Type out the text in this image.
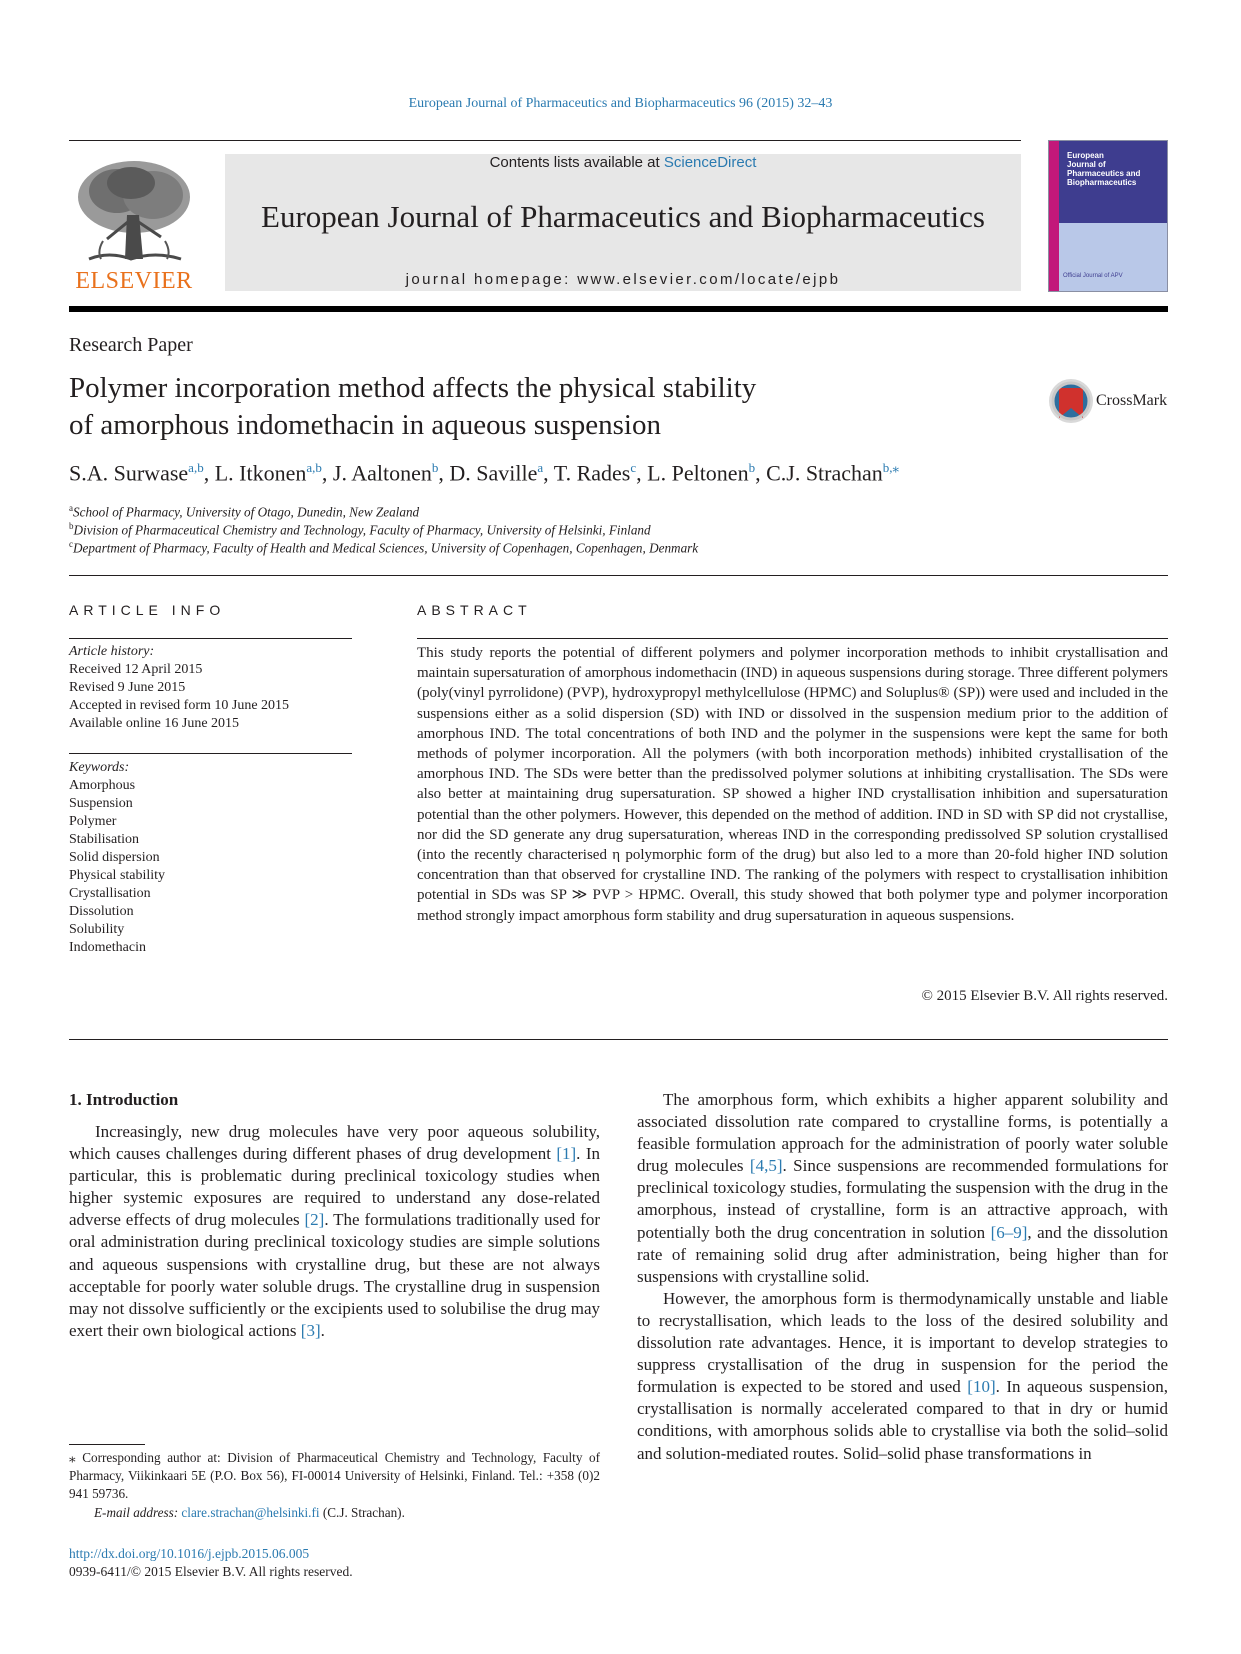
European Journal of Pharmaceutics and Biopharmaceutics 96 (2015) 32–43
ELSEVIER
Contents lists available at ScienceDirect
European Journal of Pharmaceutics and Biopharmaceutics
journal homepage: www.elsevier.com/locate/ejpb
European
Journal of
Pharmaceutics and
Biopharmaceutics
Official Journal of APV
Research Paper
Polymer incorporation method affects the physical stability
of amorphous indomethacin in aqueous suspension
CrossMark
S.A. Surwase$^{a,b}$, L. Itkonen$^{a,b}$, J. Aaltonen$^b$, D. Saville$^a$, T. Rades$^c$, L. Peltonen$^b$, C.J. Strachan$^{b,⁎}$
$^a$School of Pharmacy, University of Otago, Dunedin, New Zealand
$^b$Division of Pharmaceutical Chemistry and Technology, Faculty of Pharmacy, University of Helsinki, Finland
$^c$Department of Pharmacy, Faculty of Health and Medical Sciences, University of Copenhagen, Copenhagen, Denmark
ARTICLE INFO
Article history:
Received 12 April 2015
Revised 9 June 2015
Accepted in revised form 10 June 2015
Available online 16 June 2015
Keywords:
Amorphous
Suspension
Polymer
Stabilisation
Solid dispersion
Physical stability
Crystallisation
Dissolution
Solubility
Indomethacin
ABSTRACT
This study reports the potential of different polymers and polymer incorporation methods to inhibit crystallisation and maintain supersaturation of amorphous indomethacin (IND) in aqueous suspensions during storage. Three different polymers (poly(vinyl pyrrolidone) (PVP), hydroxypropyl methylcellulose (HPMC) and Soluplus® (SP)) were used and included in the suspensions either as a solid dispersion (SD) with IND or dissolved in the suspension medium prior to the addition of amorphous IND. The total concentrations of both IND and the polymer in the suspensions were kept the same for both methods of polymer incorporation. All the polymers (with both incorporation methods) inhibited crystallisation of the amorphous IND. The SDs were better than the predissolved polymer solutions at inhibiting crystallisation. The SDs were also better at maintaining drug supersaturation. SP showed a higher IND crystallisation inhibition and supersaturation potential than the other polymers. However, this depended on the method of addition. IND in SD with SP did not crystallise, nor did the SD generate any drug supersaturation, whereas IND in the corresponding predissolved SP solution crystallised (into the recently characterised η polymorphic form of the drug) but also led to a more than 20-fold higher IND solution concentration than that observed for crystalline IND. The ranking of the polymers with respect to crystallisation inhibition potential in SDs was SP ≫ PVP > HPMC. Overall, this study showed that both polymer type and polymer incorporation method strongly impact amorphous form stability and drug supersaturation in aqueous suspensions.
© 2015 Elsevier B.V. All rights reserved.
1. Introduction

Increasingly, new drug molecules have very poor aqueous solubility, which causes challenges during different phases of drug development [1]. In particular, this is problematic during preclinical toxicology studies when higher systemic exposures are required to understand any dose-related adverse effects of drug molecules [2]. The formulations traditionally used for oral administration during preclinical toxicology studies are simple solutions and aqueous suspensions with crystalline drug, but these are not always acceptable for poorly water soluble drugs. The crystalline drug in suspension may not dissolve sufficiently or the excipients used to solubilise the drug may exert their own biological actions [3].

The amorphous form, which exhibits a higher apparent solubility and associated dissolution rate compared to crystalline forms, is potentially a feasible formulation approach for the administration of poorly water soluble drug molecules [4,5]. Since suspensions are recommended formulations for preclinical toxicology studies, formulating the suspension with the drug in the amorphous, instead of crystalline, form is an attractive approach, with potentially both the drug concentration in solution [6–9], and the dissolution rate of remaining solid drug after administration, being higher than for suspensions with crystalline solid.

However, the amorphous form is thermodynamically unstable and liable to recrystallisation, which leads to the loss of the desired solubility and dissolution rate advantages. Hence, it is important to develop strategies to suppress crystallisation of the drug in suspension for the period the formulation is expected to be stored and used [10]. In aqueous suspension, crystallisation is normally accelerated compared to that in dry or humid conditions, with amorphous solids able to crystallise via both the solid–solid and solution-mediated routes. Solid–solid phase transformations in

⁎ Corresponding author at: Division of Pharmaceutical Chemistry and Technology, Faculty of Pharmacy, Viikinkaari 5E (P.O. Box 56), FI-00014 University of Helsinki, Finland. Tel.: +358 (0)2 941 59736.
E-mail address: clare.strachan@helsinki.fi (C.J. Strachan).
http://dx.doi.org/10.1016/j.ejpb.2015.06.005
0939-6411/© 2015 Elsevier B.V. All rights reserved.
